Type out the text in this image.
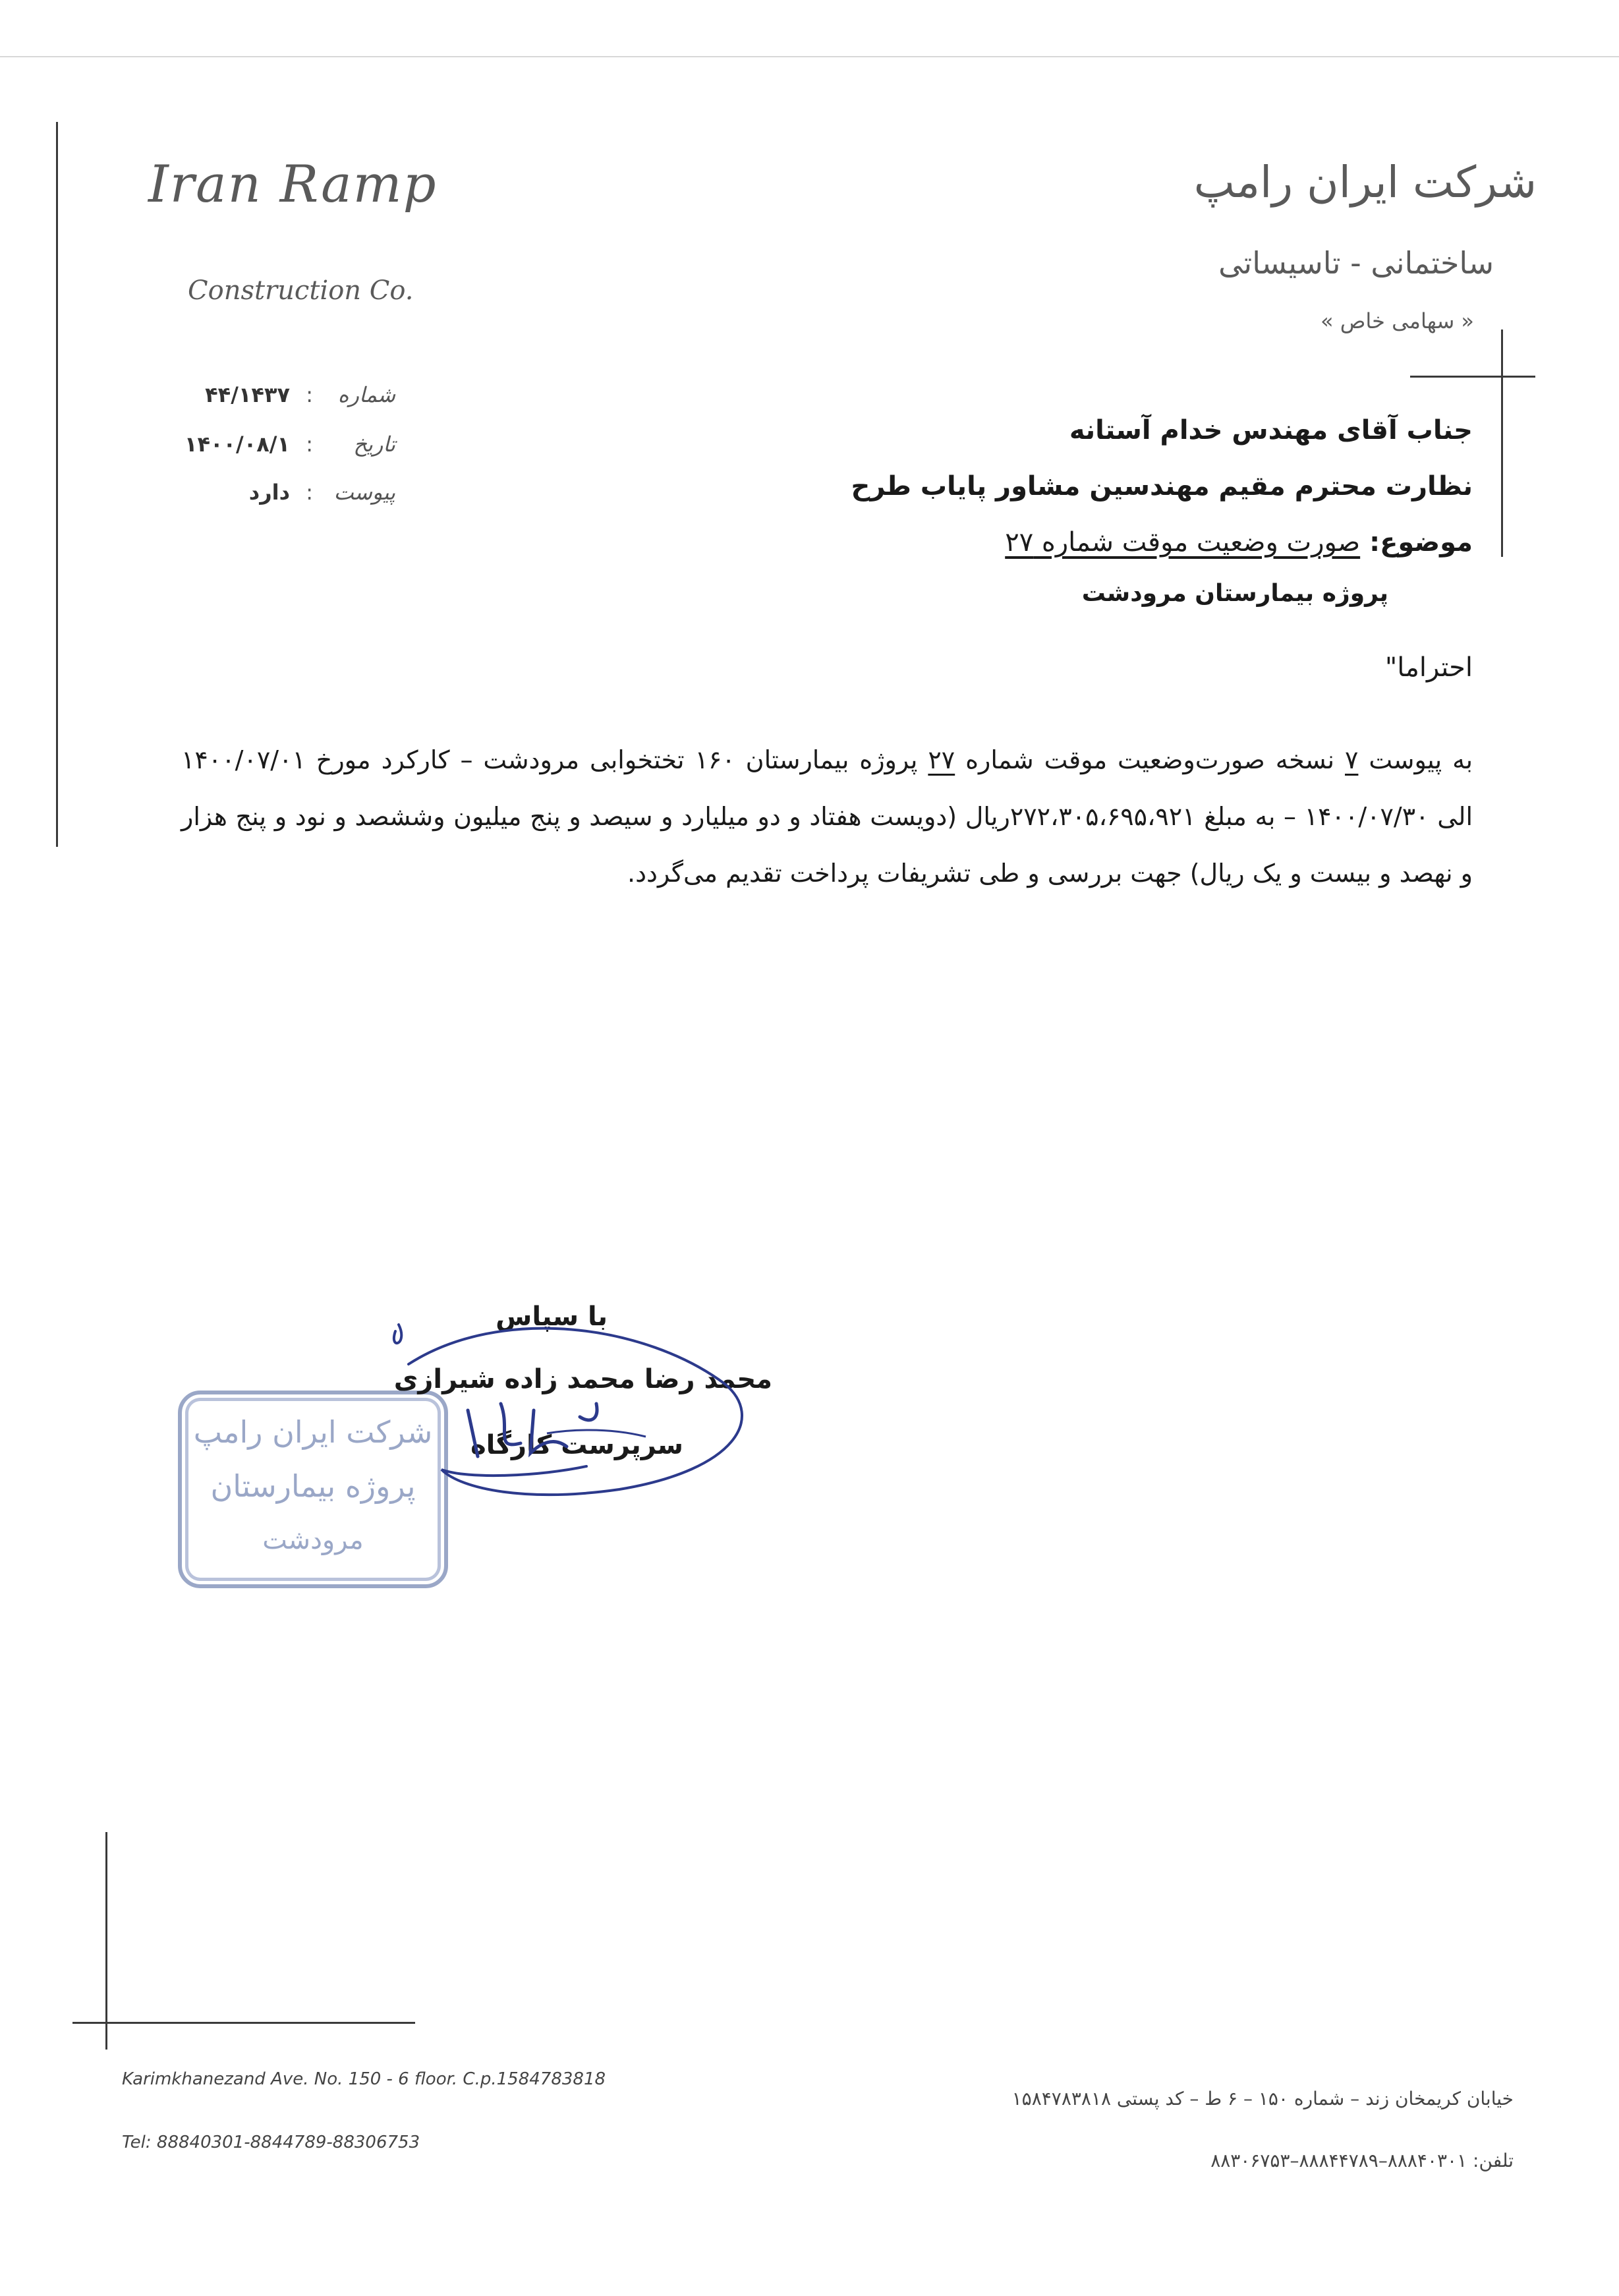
Iran Ramp
Construction Co.
شرکت ایران رامپ
ساختمانی - تاسیساتی
« سهامی خاص »
شماره
:
۴۴/۱۴۳۷
تاریخ
:
۱۴۰۰/۰۸/۱
پیوست
:
دارد
جناب آقای مهندس خدام آستانه
نظارت محترم مقیم مهندسین مشاور پایاب طرح
موضوع: صورت وضعیت موقت شماره ۲۷
پروژه بیمارستان مرودشت
احتراما"
به پیوست ۷ نسخه صورت‌وضعیت موقت شماره ۲۷ پروژه بیمارستان ۱۶۰ تختخوابی مرودشت – کارکرد مورخ ۱۴۰۰/۰۷/۰۱ الی ۱۴۰۰/۰۷/۳۰ – به مبلغ ۲۷۲،۳۰۵،۶۹۵،۹۲۱ریال (دویست هفتاد و دو میلیارد و سیصد و پنج میلیون وششصد و نود و پنج هزار و نهصد و بیست و یک ریال) جهت بررسی و طی تشریفات پرداخت تقدیم می‌گردد.
شرکت ایران رامپ
پروژه بیمارستان
مرودشت
با سپاس
محمد رضا محمد زاده شیرازی
سرپرست کارگاه
Karimkhanezand Ave. No. 150 - 6 floor. C.p.1584783818
Tel: 88840301-8844789-88306753
خیابان کریمخان زند – شماره ۱۵۰ – ۶ ط – کد پستی ۱۵۸۴۷۸۳۸۱۸
تلفن: ۸۸۸۴۰۳۰۱–۸۸۸۴۴۷۸۹–۸۸۳۰۶۷۵۳
